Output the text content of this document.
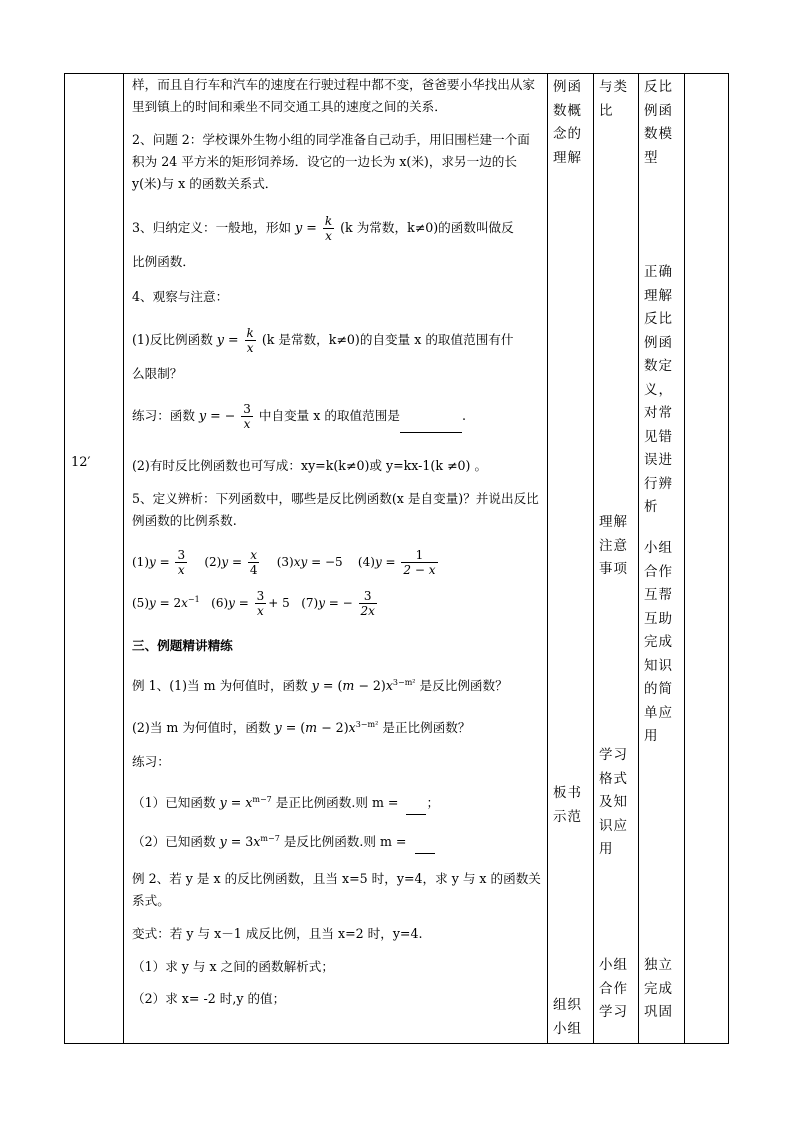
12′
样，而且自行车和汽车的速度在行驶过程中都不变，爸爸要小华找出从家里到镇上的时间和乘坐不同交通工具的速度之间的关系．
2、问题 2：学校课外生物小组的同学准备自己动手，用旧围栏建一个面积为 24 平方米的矩形饲养场．设它的一边长为 x(米)，求另一边的长 y(米)与 x 的函数关系式．
3、归纳定义：一般地，形如 $y = \frac{k}{x} (k$ 为常数，k≠0)的函数叫做反
比例函数．
4、观察与注意：
(1)反比例函数 $y = \frac{k}{x} (k$ 是常数，k≠0)的自变量 x 的取值范围有什
么限制？
练习：函数 y = − $\frac{3}{x}$ 中自变量 x 的取值范围是	.
(2)有时反比例函数也可写成：xy=k(k≠0)或 y=kx-1(k ≠0) 。
5、定义辨析：下列函数中，哪些是反比例函数(x 是自变量)？并说出反比例函数的比例系数.
$(1)y = \frac{3}{x} (2)y = \frac{x}{4} (3)xy = -5$    $(4)y = \frac{1}{2 - x}$
$(5)y = 2x^{-1}$   $(6)y = \frac{3}{x} + 5$   (7)y = − $\frac{3}{2x}$
三、例题精讲精练
例 1、(1)当 m 为何值时，函数 $y = (m - 2)x^{3-m^2}$ 是反比例函数？
(2)当 m 为何值时，函数 $y = (m - 2)x^{3-m^2}$ 是正比例函数？
练习：
（1）已知函数 $y = x^{m-7}$ 是正比例函数.则 m = ；
（2）已知函数 $y = 3x^{m-7}$ 是反比例函数.则 m =
例 2、若 y 是 x 的反比例函数，且当 x=5 时，y=4，求 y 与 x 的函数关系式。
变式：若 y 与 x－1 成反比例，且当 x=2 时，y=4.
（1）求 y 与 x 之间的函数解析式；
（2）求 x= -2 时,y 的值；
例函数概念的理解
板书示范
组织小组
与类比
理解注意事项
学习格式及知识应用
小组合作学习
反比例函数模型
正确理解反比例函数定义，对常见错误进行辨析
小组合作互帮互助完成知识的简单应用
独立完成巩固
